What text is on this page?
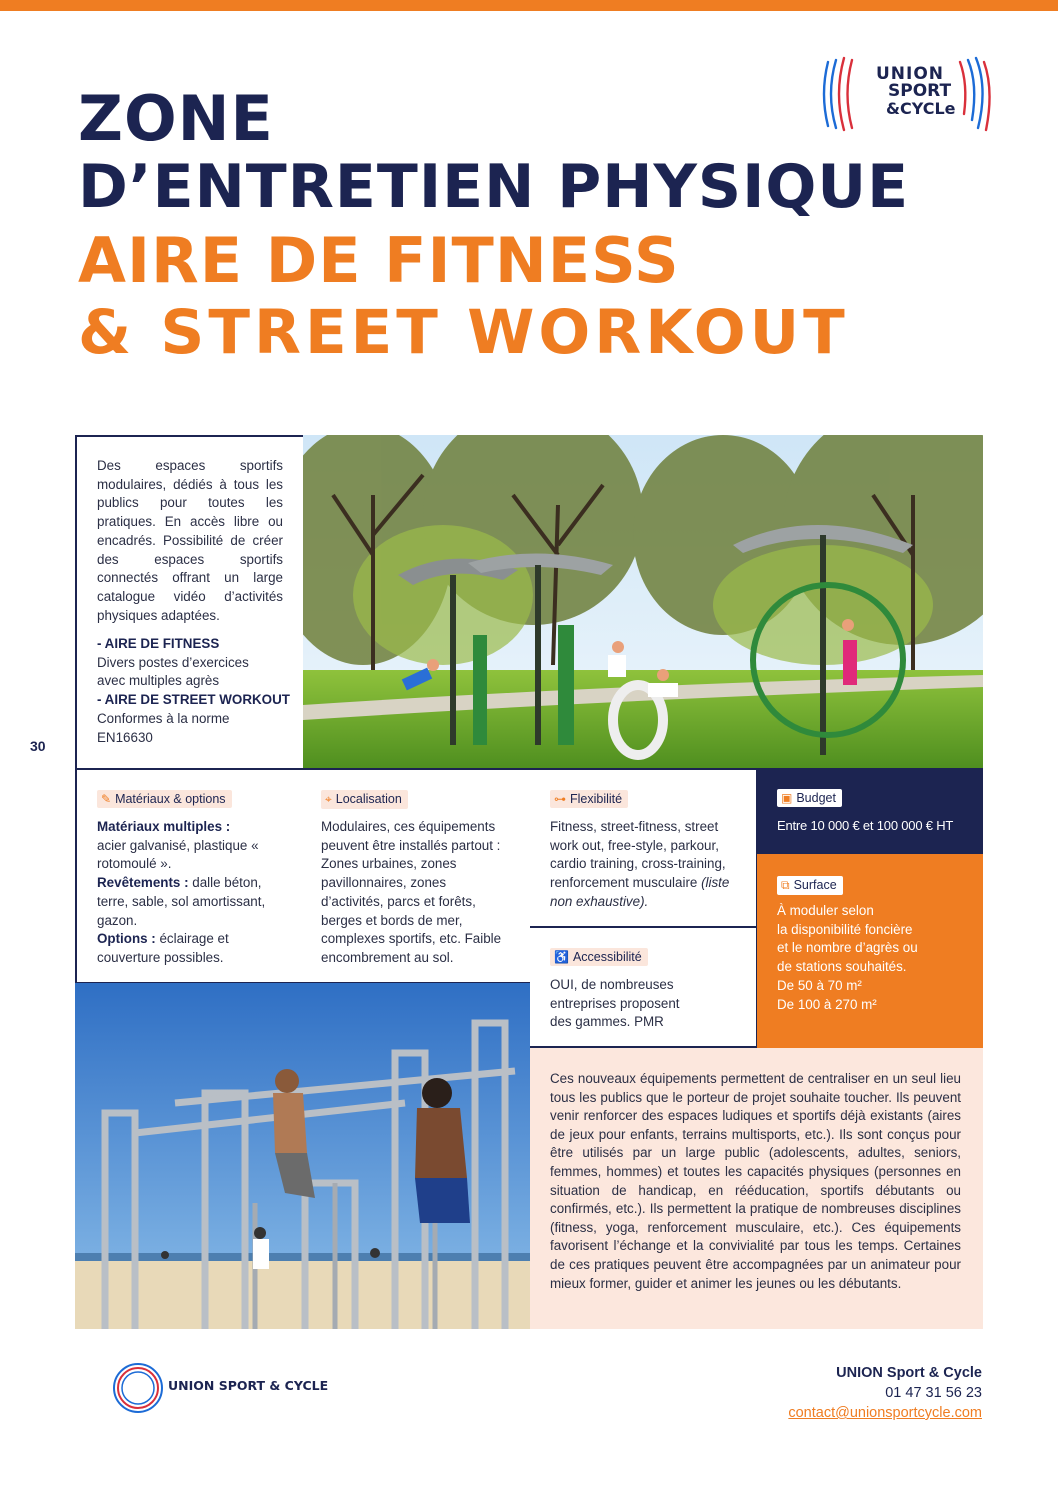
ZONE
D’ENTRETIEN PHYSIQUE
AIRE DE FITNESS
& STREET WORKOUT
UNION
SPORT
&CYCLe
Des espaces sportifs modulaires, dédiés à tous les publics pour toutes les pratiques. En accès libre ou encadrés. Possibilité de créer des espaces sportifs connectés offrant un large catalogue vidéo d’activités physiques adaptées.
- AIRE DE FITNESS
Divers postes d’exercices avec multiples agrès
- AIRE DE STREET WORKOUT
Conformes à la norme EN16630
30
✎ Matériaux & options
Matériaux multiples :
acier galvanisé, plastique « rotomoulé ».
Revêtements : dalle béton, terre, sable, sol amortissant, gazon.
Options : éclairage et couverture possibles.
⌖ Localisation
Modulaires, ces équipements peuvent être installés partout : Zones urbaines, zones pavillonnaires, zones d’activités, parcs et forêts, berges et bords de mer, complexes sportifs, etc. Faible encombrement au sol.
⊶ Flexibilité
Fitness, street-fitness, street work out, free-style, parkour, cardio training, cross-training, renforcement musculaire (liste non exhaustive).
♿ Accessibilité
OUI, de nombreuses entreprises proposent des gammes. PMR
▣ Budget
Entre 10 000 € et 100 000 € HT
⧉ Surface
À moduler selon
la disponibilité foncière
et le nombre d’agrès ou
de stations souhaités.
De 50 à 70 m²
De 100 à 270 m²
Ces nouveaux équipements permettent de centraliser en un seul lieu tous les publics que le porteur de projet souhaite toucher. Ils peuvent venir renforcer des espaces ludiques et sportifs déjà existants (aires de jeux pour enfants, terrains multisports, etc.). Ils sont conçus pour être utilisés par un large public (adolescents, adultes, seniors, femmes, hommes) et toutes les capacités physiques (personnes en situation de handicap, en rééducation, sportifs débutants ou confirmés, etc.). Ils permettent la pratique de nombreuses disciplines (fitness, yoga, renforcement musculaire, etc.). Ces équipements favorisent l’échange et la convivialité par tous les temps. Certaines de ces pratiques peuvent être accompagnées par un animateur pour mieux former, guider et animer les jeunes ou les débutants.
UNION SPORT & CYCLE
UNION Sport & Cycle
01 47 31 56 23
contact@unionsportcycle.com
